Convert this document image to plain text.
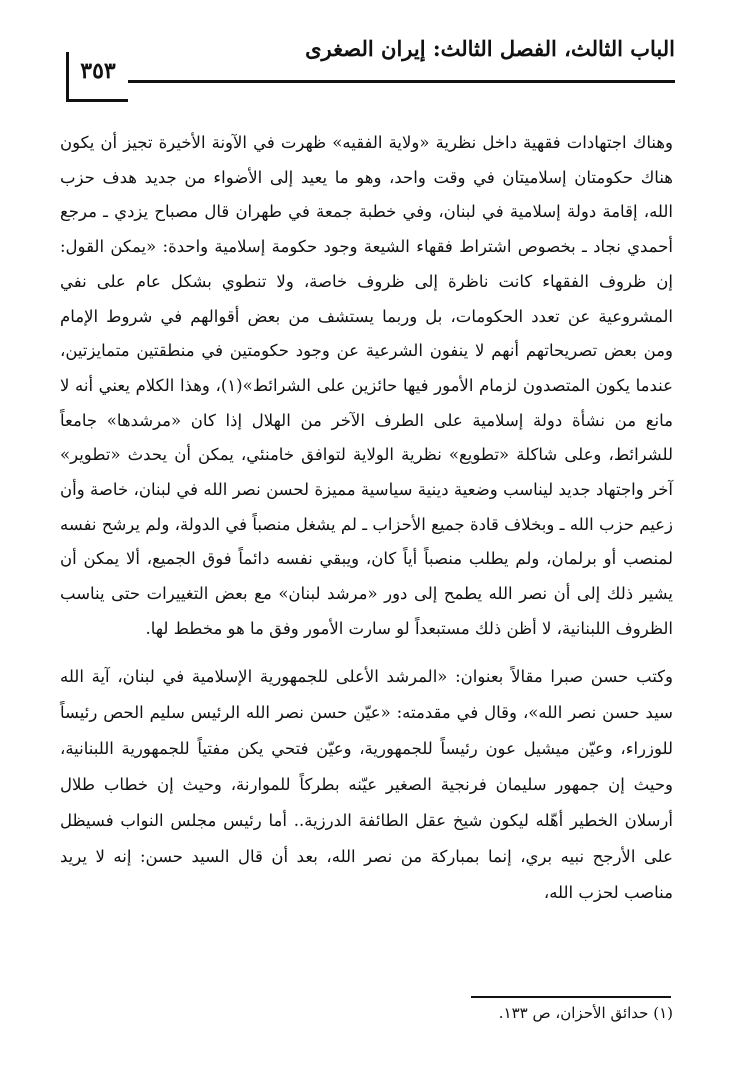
الباب الثالث، الفصل الثالث: إيران الصغرى
٣٥٣

وهناك اجتهادات فقهية داخل نظرية «ولاية الفقيه» ظهرت في الآونة الأخيرة تجيز أن يكون هناك حكومتان إسلاميتان في وقت واحد، وهو ما يعيد إلى الأضواء من جديد هدف حزب الله، إقامة دولة إسلامية في لبنان، وفي خطبة جمعة في طهران قال مصباح يزدي ـ مرجع أحمدي نجاد ـ بخصوص اشتراط فقهاء الشيعة وجود حكومة إسلامية واحدة: «يمكن القول: إن ظروف الفقهاء كانت ناظرة إلى ظروف خاصة، ولا تنطوي بشكل عام على نفي المشروعية عن تعدد الحكومات، بل وربما يستشف من بعض أقوالهم في شروط الإمام ومن بعض تصريحاتهم أنهم لا ينفون الشرعية عن وجود حكومتين في منطقتين متمايزتين، عندما يكون المتصدون لزمام الأمور فيها حائزين على الشرائط»(١)، وهذا الكلام يعني أنه لا مانع من نشأة دولة إسلامية على الطرف الآخر من الهلال إذا كان «مرشدها» جامعاً للشرائط، وعلى شاكلة «تطويع» نظرية الولاية لتوافق خامنئي، يمكن أن يحدث «تطوير» آخر واجتهاد جديد ليناسب وضعية دينية سياسية مميزة لحسن نصر الله في لبنان، خاصة وأن زعيم حزب الله ـ وبخلاف قادة جميع الأحزاب ـ لم يشغل منصباً في الدولة، ولم يرشح نفسه لمنصب أو برلمان، ولم يطلب منصباً أياً كان، ويبقي نفسه دائماً فوق الجميع، ألا يمكن أن يشير ذلك إلى أن نصر الله يطمح إلى دور «مرشد لبنان» مع بعض التغييرات حتى يناسب الظروف اللبنانية، لا أظن ذلك مستبعداً لو سارت الأمور وفق ما هو مخطط لها.

وكتب حسن صبرا مقالاً بعنوان: «المرشد الأعلى للجمهورية الإسلامية في لبنان، آية الله سيد حسن نصر الله»، وقال في مقدمته: «عيّن حسن نصر الله الرئيس سليم الحص رئيساً للوزراء، وعيّن ميشيل عون رئيساً للجمهورية، وعيّن فتحي يكن مفتياً للجمهورية اللبنانية، وحيث إن جمهور سليمان فرنجية الصغير عيّنه بطركاً للموارنة، وحيث إن خطاب طلال أرسلان الخطير أهّله ليكون شيخ عقل الطائفة الدرزية.. أما رئيس مجلس النواب فسيظل على الأرجح نبيه بري، إنما بمباركة من نصر الله، بعد أن قال السيد حسن: إنه لا يريد مناصب لحزب الله،

(١) حدائق الأحزان، ص ١٣٣.
